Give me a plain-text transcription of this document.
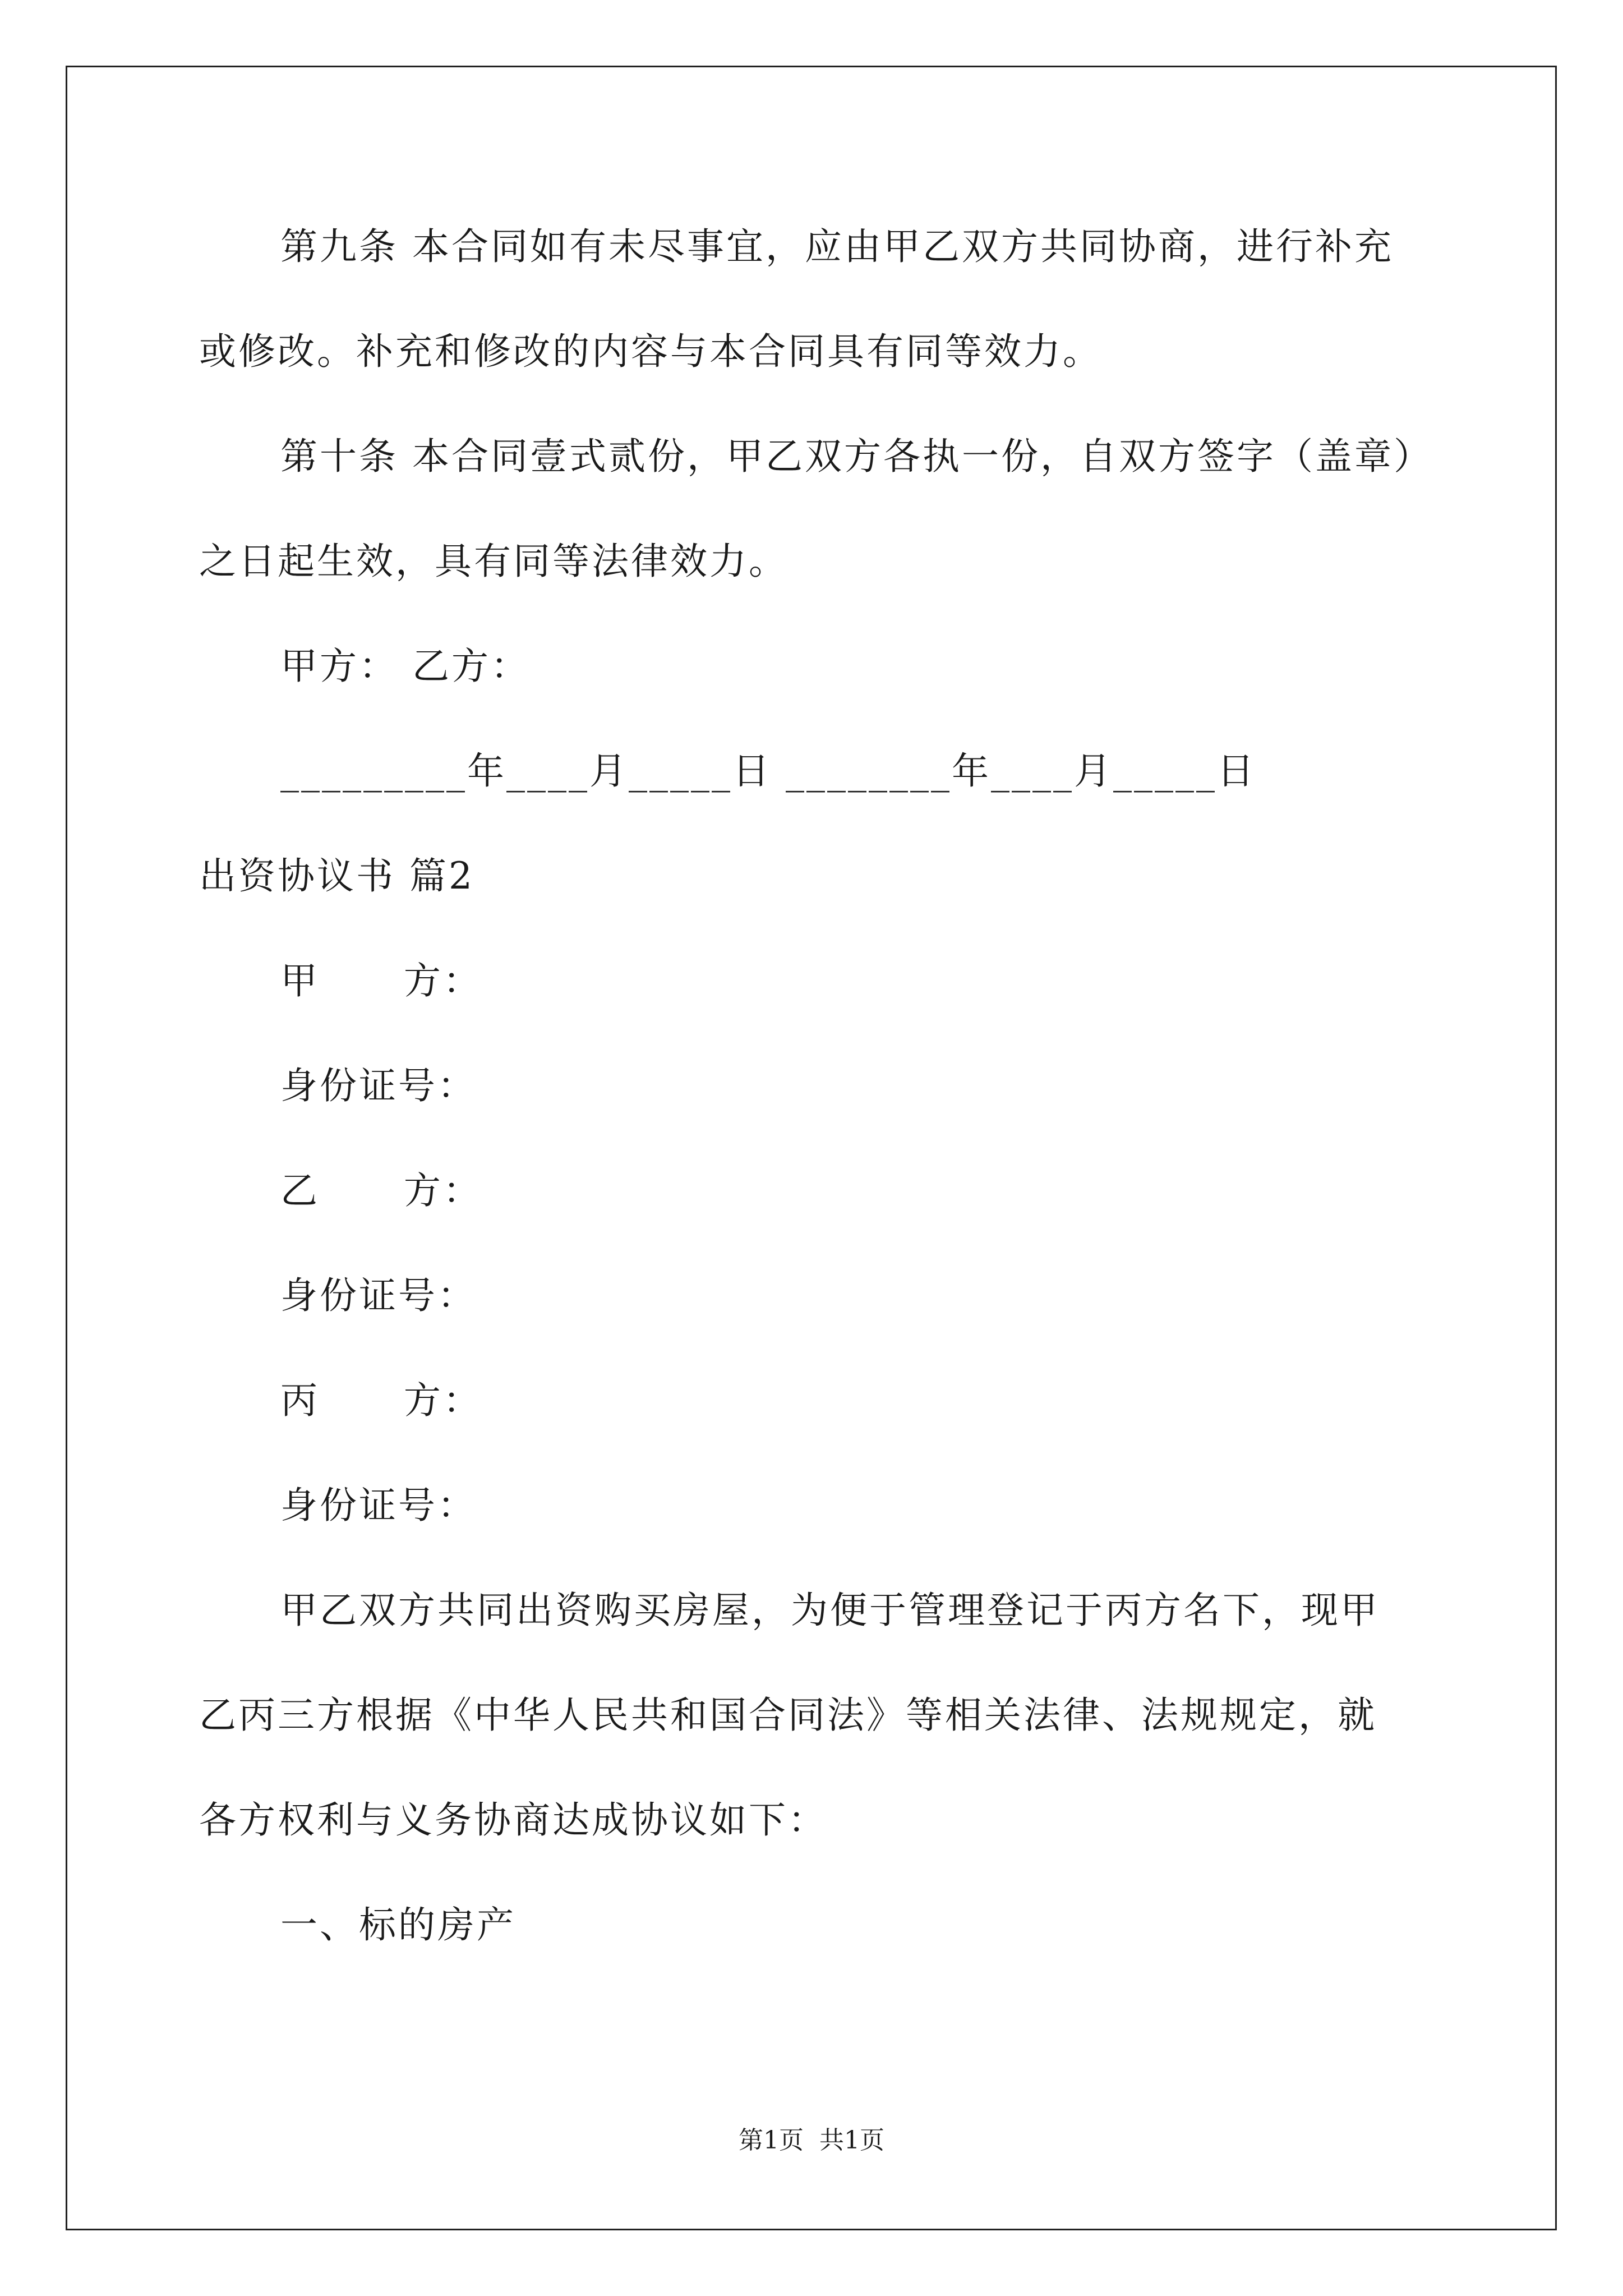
第九条 本合同如有未尽事宜，应由甲乙双方共同协商，进行补充
或修改。补充和修改的内容与本合同具有同等效力。
第十条 本合同壹式贰份，甲乙双方各执一份，自双方签字（盖章）
之日起生效，具有同等法律效力。
甲方： 乙方：
_________年____月_____日 ________年____月_____日
出资协议书 篇2
甲      方：
身份证号：
乙      方：
身份证号：
丙      方：
身份证号：
甲乙双方共同出资购买房屋，为便于管理登记于丙方名下，现甲
乙丙三方根据《中华人民共和国合同法》等相关法律、法规规定，就
各方权利与义务协商达成协议如下：
一、标的房产
第1页  共1页
